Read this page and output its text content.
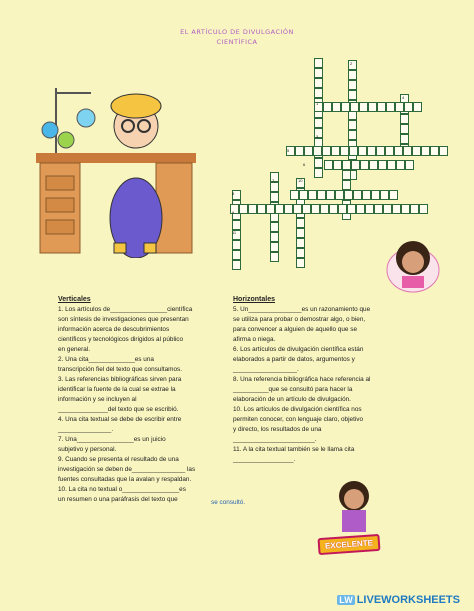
EL ARTÍCULO DE DIVULGACIÓN
CIENTÍFICA
1
2
3
4
5
6
7
8
9
10
11
Verticales	Horizontales
1. Los artículos de________________científica
son síntesis de investigaciones que presentan
información acerca de descubrimientos
científicos y tecnológicos dirigidos al público
en general.
2. Una cita_____________es una
transcripción fiel del texto que consultamos.
3. Las referencias bibliográficas sirven para
identificar la fuente de la cual se extrae la
información y se incluyen al
______________del texto que se escribió.
4. Una cita textual se debe de escribir entre
_______________.
7. Una________________es un juicio
subjetivo y personal.
9. Cuando se presenta el resultado de una
investigación se deben de_______________ las
fuentes consultadas que la avalan y respaldan.
10. La cita no textual o________________es
un resumen o una paráfrasis del texto que	se consultó.
5. Un_______________es un razonamiento que
se utiliza para probar o demostrar algo, o bien,
para convencer a alguien de aquello que se
afirma o niega.
6. Los artículos de divulgación científica están
elaborados a partir de datos, argumentos y
__________________.
8. Una referencia bibliográfica hace referencia al
__________que se consultó para hacer la
elaboración de un artículo de divulgación.
10. Los artículos de divulgación científica nos
permiten conocer, con lenguaje claro, objetivo
y directo, los resultados de una
_______________________.
11. A la cita textual también se le llama cita
_________________.
EXCELENTE
LW LIVEWORKSHEETS
